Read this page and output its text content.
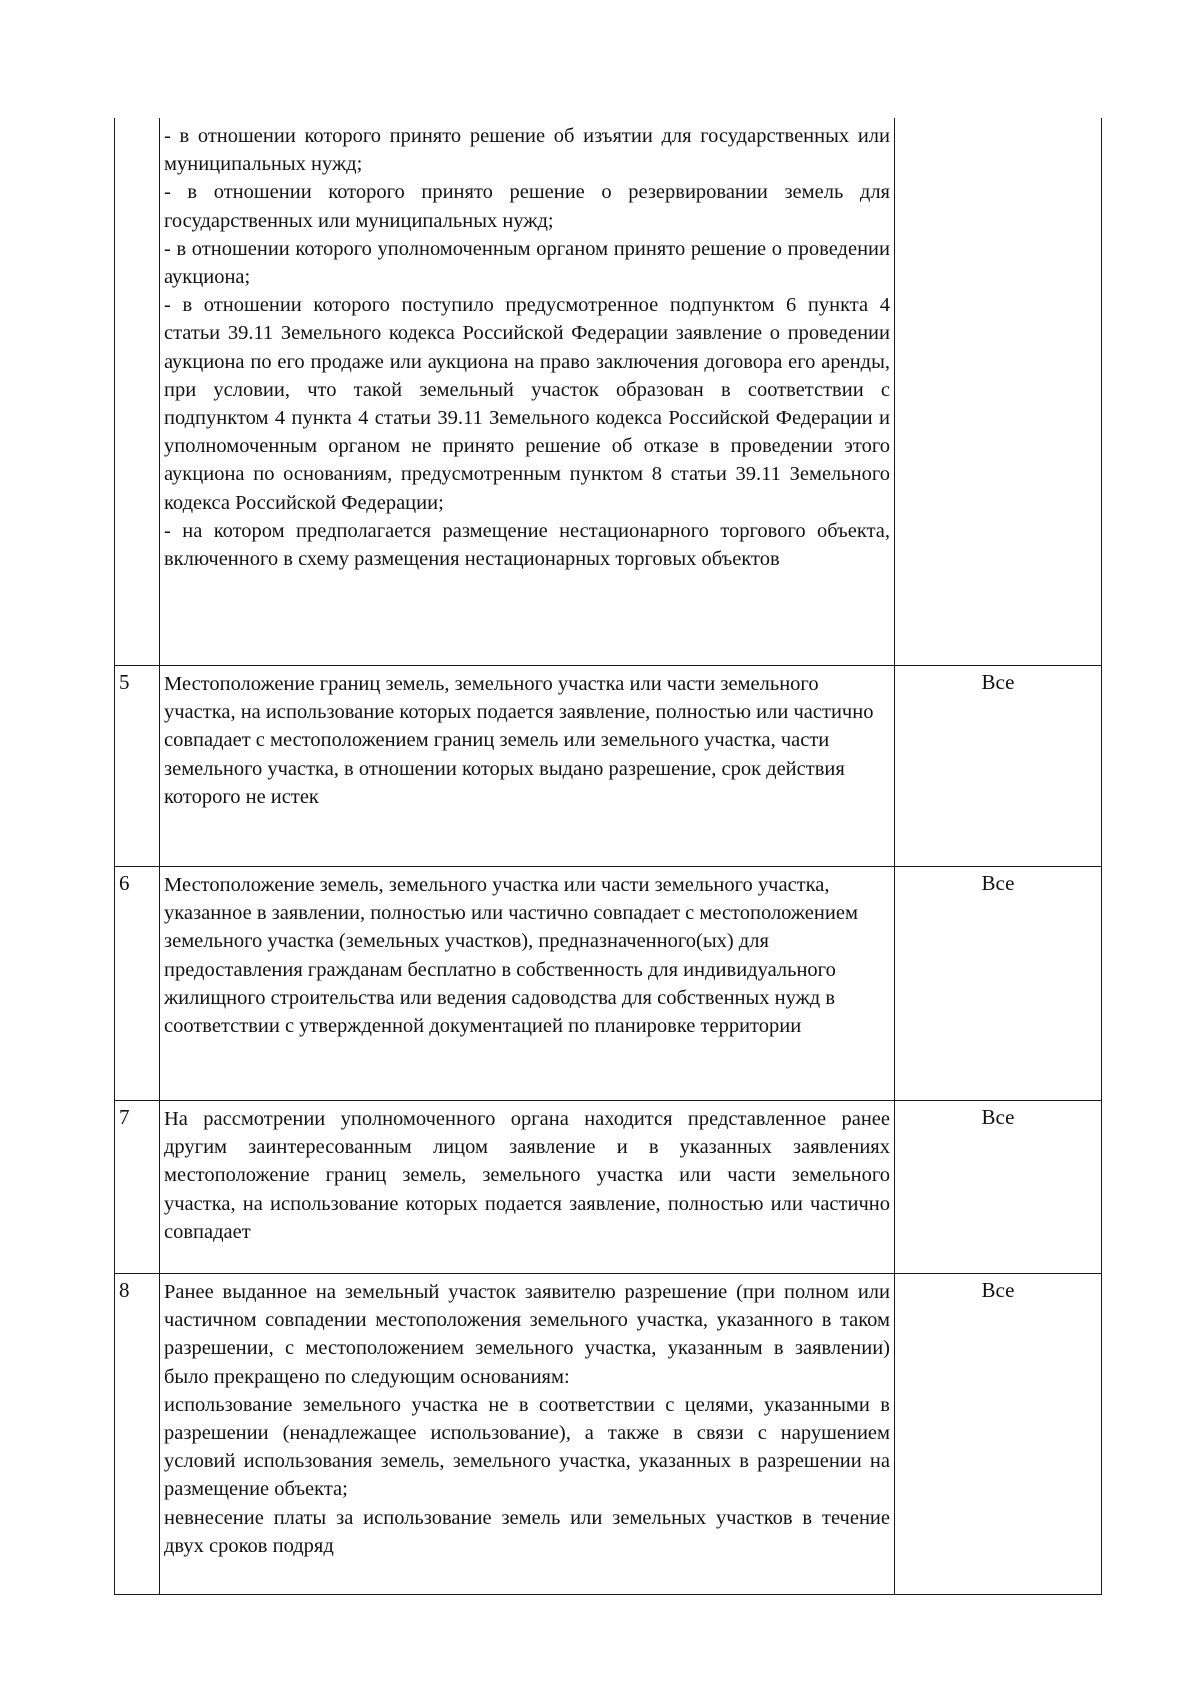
	- в отношении которого принято решение об изъятии для государственных или муниципальных нужд;

- в отношении которого принято решение о резервировании земель для государственных или муниципальных нужд;

- в отношении которого уполномоченным органом принято решение о проведении аукциона;

- в отношении которого поступило предусмотренное подпунктом 6 пункта 4 статьи 39.11 Земельного кодекса Российской Федерации заявление о проведении аукциона по его продаже или аукциона на право заключения договора его аренды, при условии, что такой земельный участок образован в соответствии с подпунктом 4 пункта 4 статьи 39.11 Земельного кодекса Российской Федерации и уполномоченным органом не принято решение об отказе в проведении этого аукциона по основаниям, предусмотренным пунктом 8 статьи 39.11 Земельного кодекса Российской Федерации;

- на котором предполагается размещение нестационарного торгового объекта, включенного в схему размещения нестационарных торговых объектов	

5	Местоположение границ земель, земельного участка или части земельного участка, на использование которых подается заявление, полностью или частично совпадает с местоположением границ земель или земельного участка, части земельного участка, в отношении которых выдано разрешение, срок действия которого не истек	Все
6	Местоположение земель, земельного участка или части земельного участка, указанное в заявлении, полностью или частично совпадает с местоположением земельного участка (земельных участков), предназначенного(ых) для предоставления гражданам бесплатно в собственность для индивидуального жилищного строительства или ведения садоводства для собственных нужд в соответствии с утвержденной документацией по планировке территории	Все
7	На рассмотрении уполномоченного органа находится представленное ранее другим заинтересованным лицом заявление и в указанных заявлениях местоположение границ земель, земельного участка или части земельного участка, на использование которых подается заявление, полностью или частично совпадает	Все
8	Ранее выданное на земельный участок заявителю разрешение (при полном или частичном совпадении местоположения земельного участка, указанного в таком разрешении, с местоположением земельного участка, указанным в заявлении) было прекращено по следующим основаниям:

использование земельного участка не в соответствии с целями, указанными в разрешении (ненадлежащее использование), а также в связи с нарушением условий использования земель, земельного участка, указанных в разрешении на размещение объекта;

невнесение платы за использование земель или земельных участков в течение двух сроков подряд	Все
